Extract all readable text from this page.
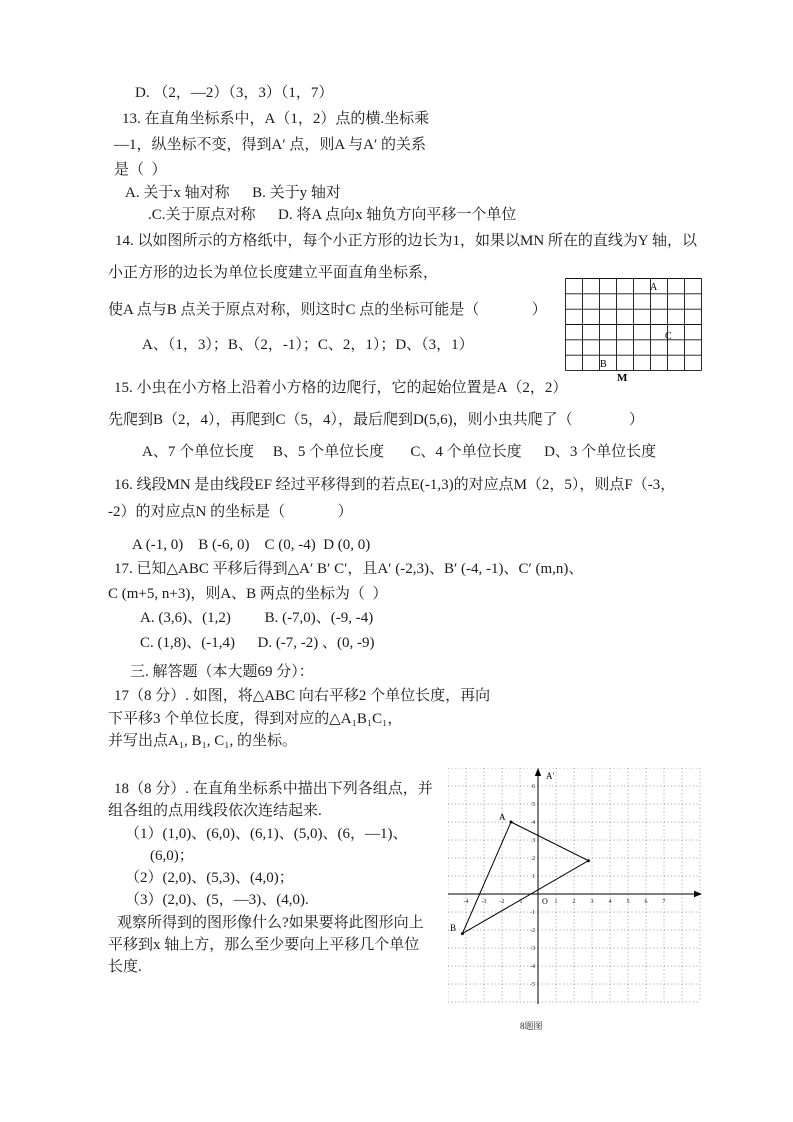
D. （2，—2）（3，3）（1，7）
13. 在直角坐标系中，A（1，2）点的横.坐标乘
—1，纵坐标不变，得到A′ 点，则A 与A′ 的关系
是（  ）
A. 关于x 轴对称      B. 关于y 轴对
.C.关于原点对称      D. 将A 点向x 轴负方向平移一个单位
14. 以如图所示的方格纸中，每个小正方形的边长为1，如果以MN 所在的直线为Y 轴，以
小正方形的边长为单位长度建立平面直角坐标系，
使A 点与B 点关于原点对称，则这时C 点的坐标可能是（              ）
A、（1，3）；B、（2，-1）；C、2，1）；D、（3，1）
15. 小虫在小方格上沿着小方格的边爬行，它的起始位置是A（2，2）
先爬到B（2，4），再爬到C（5，4），最后爬到D(5,6)，则小虫共爬了（               ）
A、7 个单位长度     B、5 个单位长度       C、4 个单位长度      D、3 个单位长度
16. 线段MN 是由线段EF 经过平移得到的若点E(-1,3)的对应点M（2，5），则点F（-3，
-2）的对应点N 的坐标是（              ）
A (-1, 0)    B (-6, 0)    C (0, -4)  D (0, 0)
17. 已知△ABC 平移后得到△A′ B′ C′，且A′ (-2,3)、B′ (-4, -1)、C′ (m,n)、
C (m+5, n+3)，则A、B 两点的坐标为（  ）
A. (3,6)、(1,2)         B. (-7,0)、(-9, -4)
C. (1,8)、(-1,4)      D. (-7, -2) 、(0, -9)
三. 解答题（本大题69 分）：
17（8 分）. 如图，将△ABC 向右平移2 个单位长度，再向
下平移3 个单位长度，得到对应的△A₁B₁C₁，
并写出点A₁, B₁, C₁, 的坐标。
18（8 分）. 在直角坐标系中描出下列各组点，并
组各组的点用线段依次连结起来.
（1）(1,0)、(6,0)、(6,1)、(5,0)、(6，—1)、
(6,0)；
（2）(2,0)、(5,3)、(4,0)；
（3）(2,0)、(5，—3)、(4,0).
观察所得到的图形像什么?如果要将此图形向上
平移到x 轴上方，那么至少要向上平移几个单位
长度.
A
C
B
M
-4 -3 -2 -1	1	2	3	4	5	6	7
-5
-4
-3
-2
-1
1
2
3
4
5
6
A
B
O
A′
8题图
